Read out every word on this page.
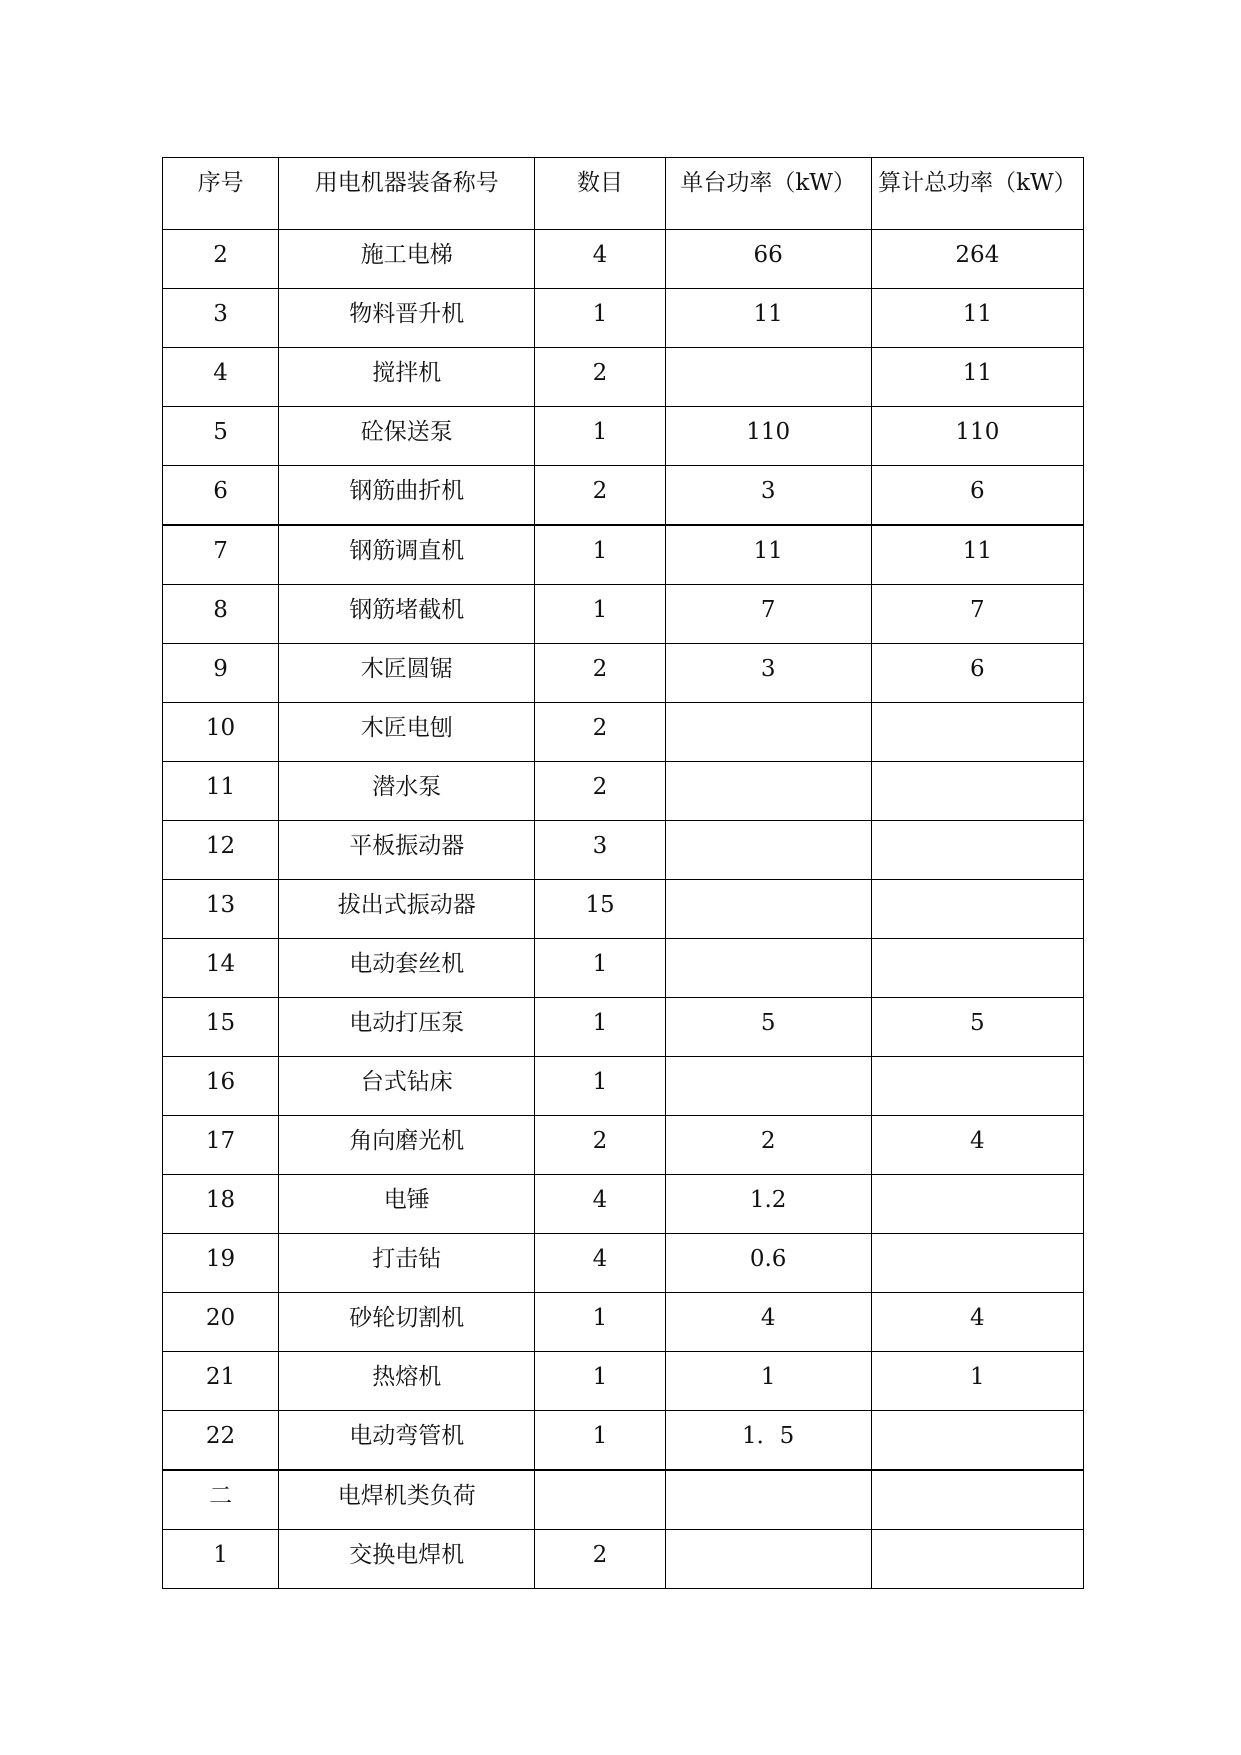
序号	用电机器装备称号	数目	单台功率（kW）	算计总功率（kW）
2	施工电梯	4	66	264
3	物料晋升机	1	11	11
4	搅拌机	2		11
5	砼保送泵	1	110	110
6	钢筋曲折机	2	3	6
7	钢筋调直机	1	11	11
8	钢筋堵截机	1	7	7
9	木匠圆锯	2	3	6
10	木匠电刨	2		
11	潜水泵	2		
12	平板振动器	3		
13	拔出式振动器	15		
14	电动套丝机	1		
15	电动打压泵	1	5	5
16	台式钻床	1		
17	角向磨光机	2	2	4
18	电锤	4	1.2	
19	打击钻	4	0.6	
20	砂轮切割机	1	4	4
21	热熔机	1	1	1
22	电动弯管机	1	1．5	
二	电焊机类负荷			
1	交换电焊机	2		
